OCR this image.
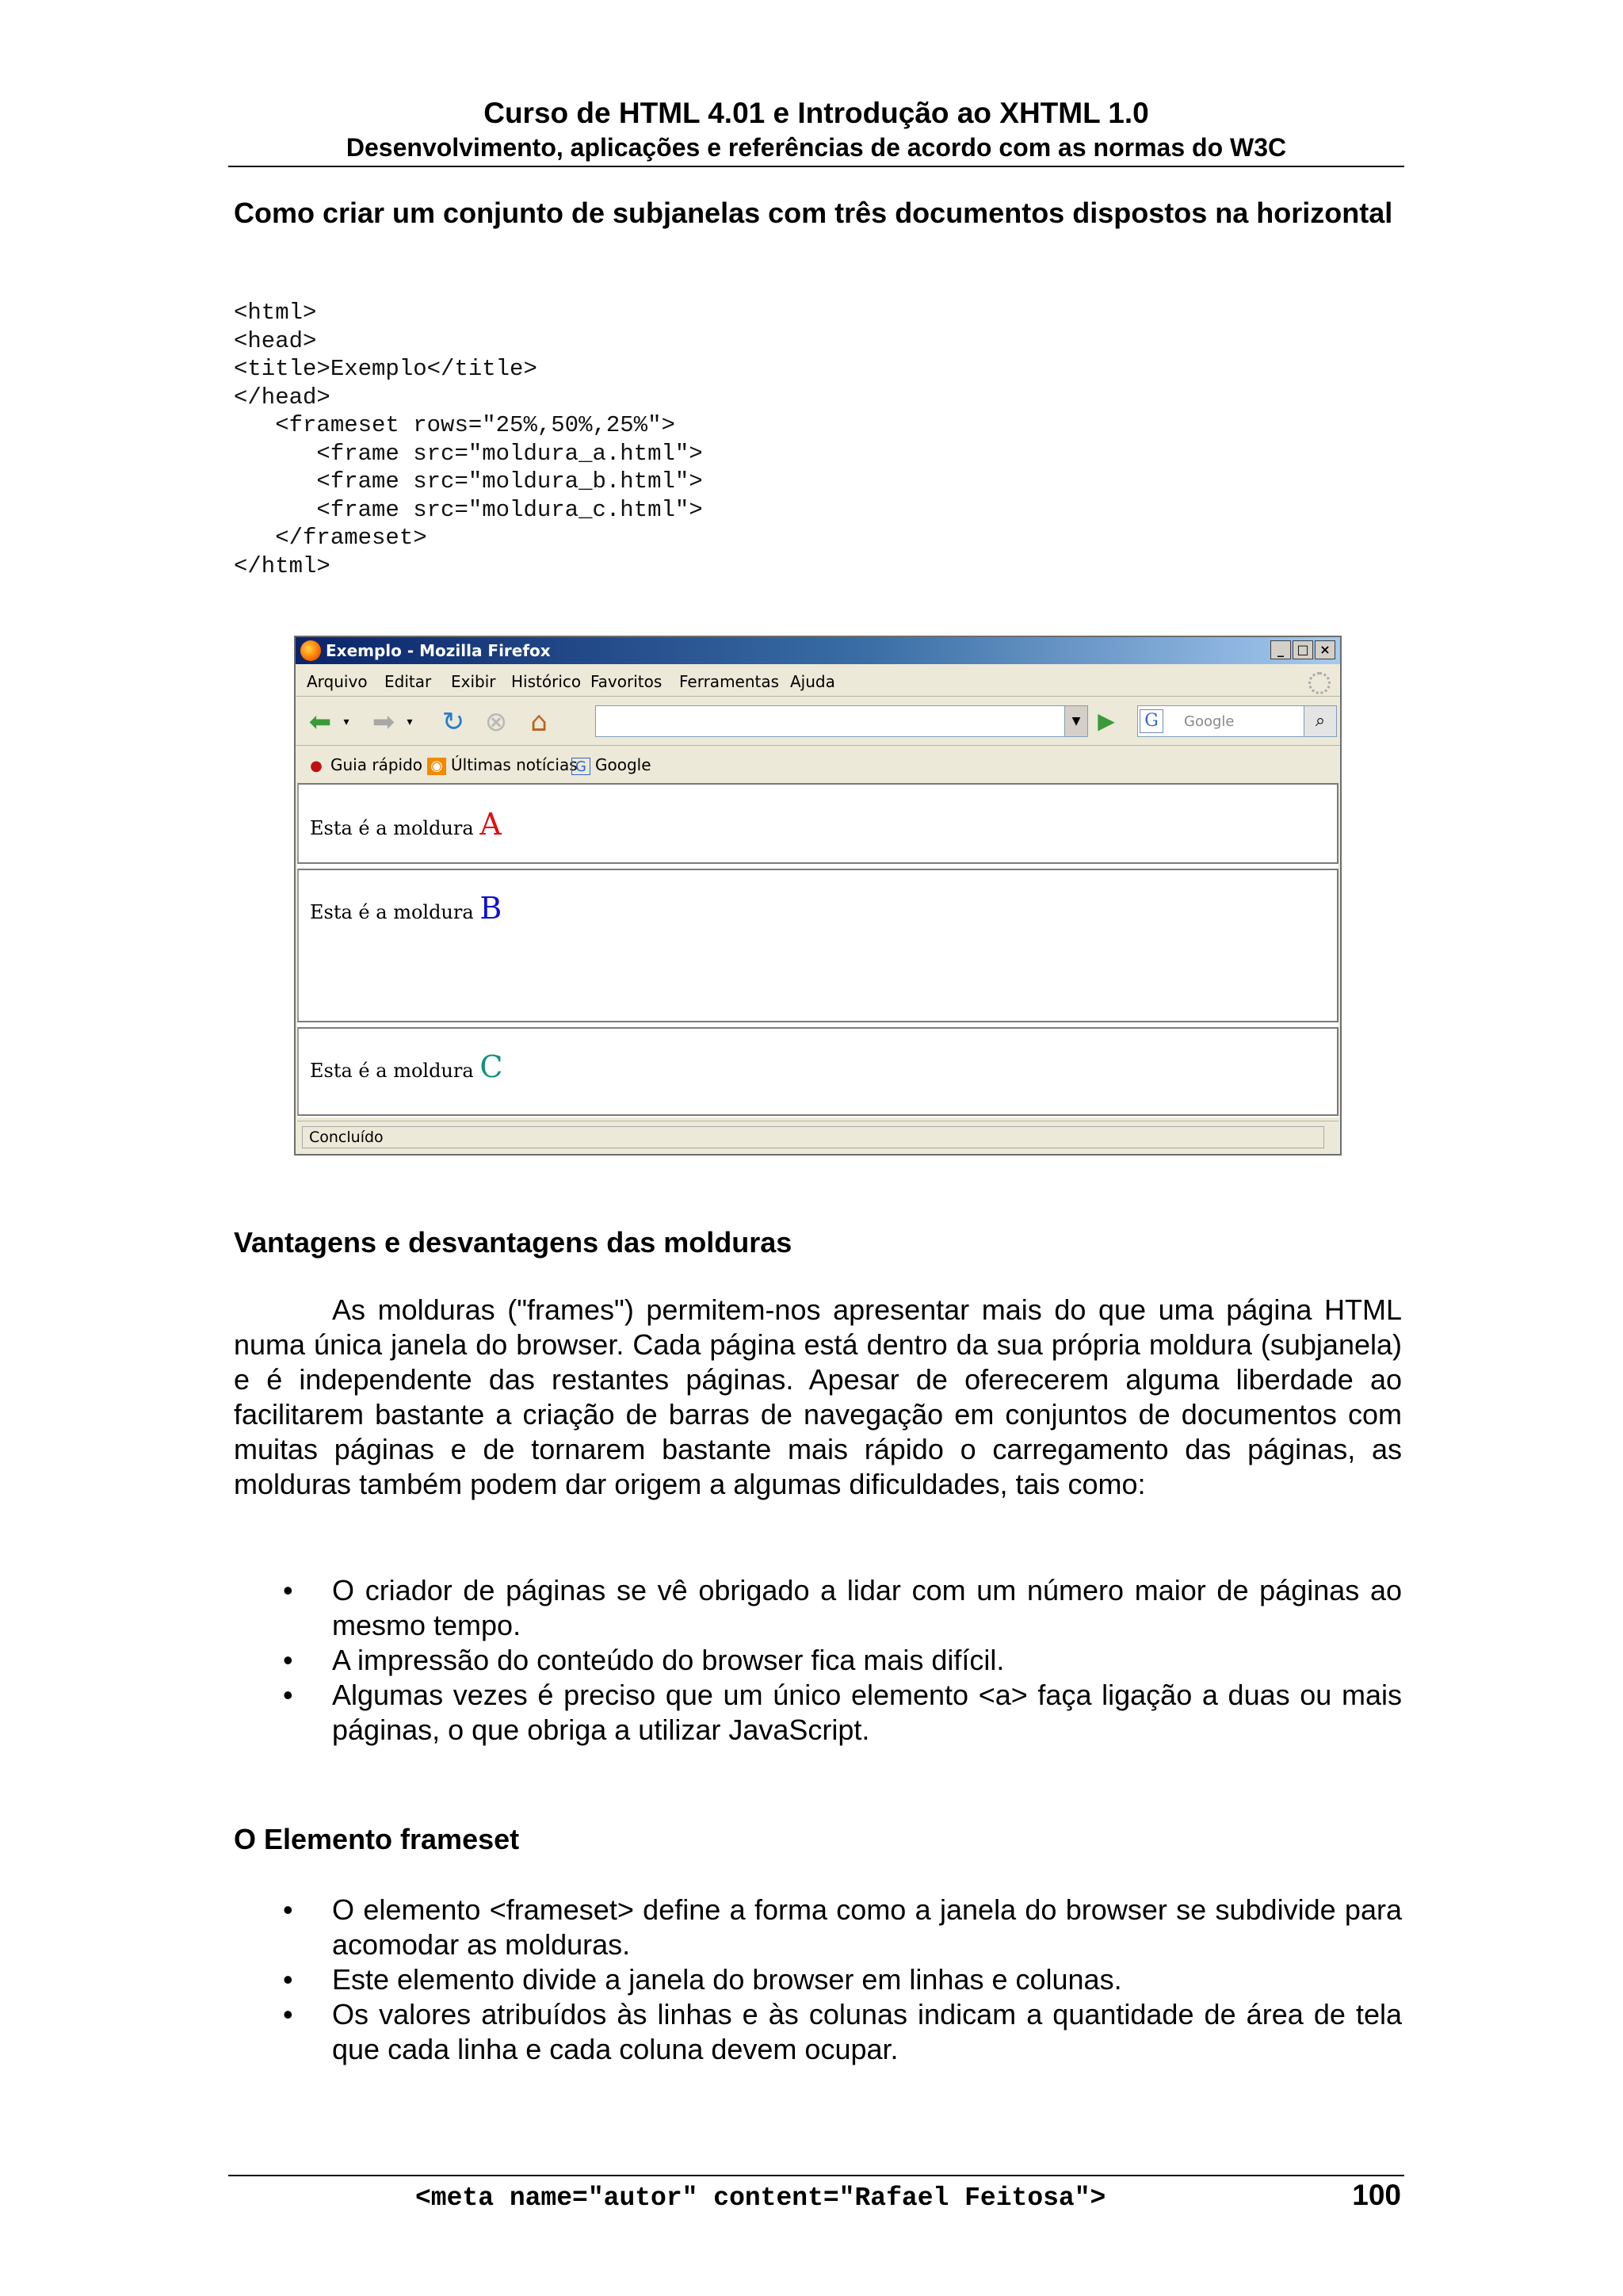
Curso de HTML 4.01 e Introdução ao XHTML 1.0
Desenvolvimento, aplicações e referências de acordo com as normas do W3C
Como criar um conjunto de subjanelas com três documentos dispostos na horizontal
<html>
<head>
<title>Exemplo</title>
</head>
<frameset rows="25%,50%,25%">
<frame src="moldura_a.html">
<frame src="moldura_b.html">
<frame src="moldura_c.html">
</frameset>
</html>
Exemplo - Mozilla Firefox	_	□ ×
Arquivo Editar Exibir Histórico Favoritos Ferramentas Ajuda
⬅	▾ ➡	▾ ↻ ⊗ ⌂	▼ ▶	G	Google	⌕
● Guia rápido ◉ Últimas notícias
G Google
Esta é a moldura A
Esta é a moldura B
Esta é a moldura C
Concluído
Vantagens e desvantagens das molduras

As molduras ("frames") permitem-nos apresentar mais do que uma página HTML numa única janela do browser. Cada página está dentro da sua própria moldura (subjanela) e é independente das restantes páginas. Apesar de oferecerem alguma liberdade ao facilitarem bastante a criação de barras de navegação em conjuntos de documentos com muitas páginas e de tornarem bastante mais rápido o carregamento das páginas, as molduras também podem dar origem a algumas dificuldades, tais como:

• O criador de páginas se vê obrigado a lidar com um número maior de páginas ao mesmo tempo.
• A impressão do conteúdo do browser fica mais difícil.
• Algumas vezes é preciso que um único elemento <a> faça ligação a duas ou mais páginas, o que obriga a utilizar JavaScript.
O Elemento frameset
• O elemento <frameset> define a forma como a janela do browser se subdivide para acomodar as molduras.
• Este elemento divide a janela do browser em linhas e colunas.
• Os valores atribuídos às linhas e às colunas indicam a quantidade de área de tela que cada linha e cada coluna devem ocupar.
<meta name="autor" content="Rafael Feitosa">	100
